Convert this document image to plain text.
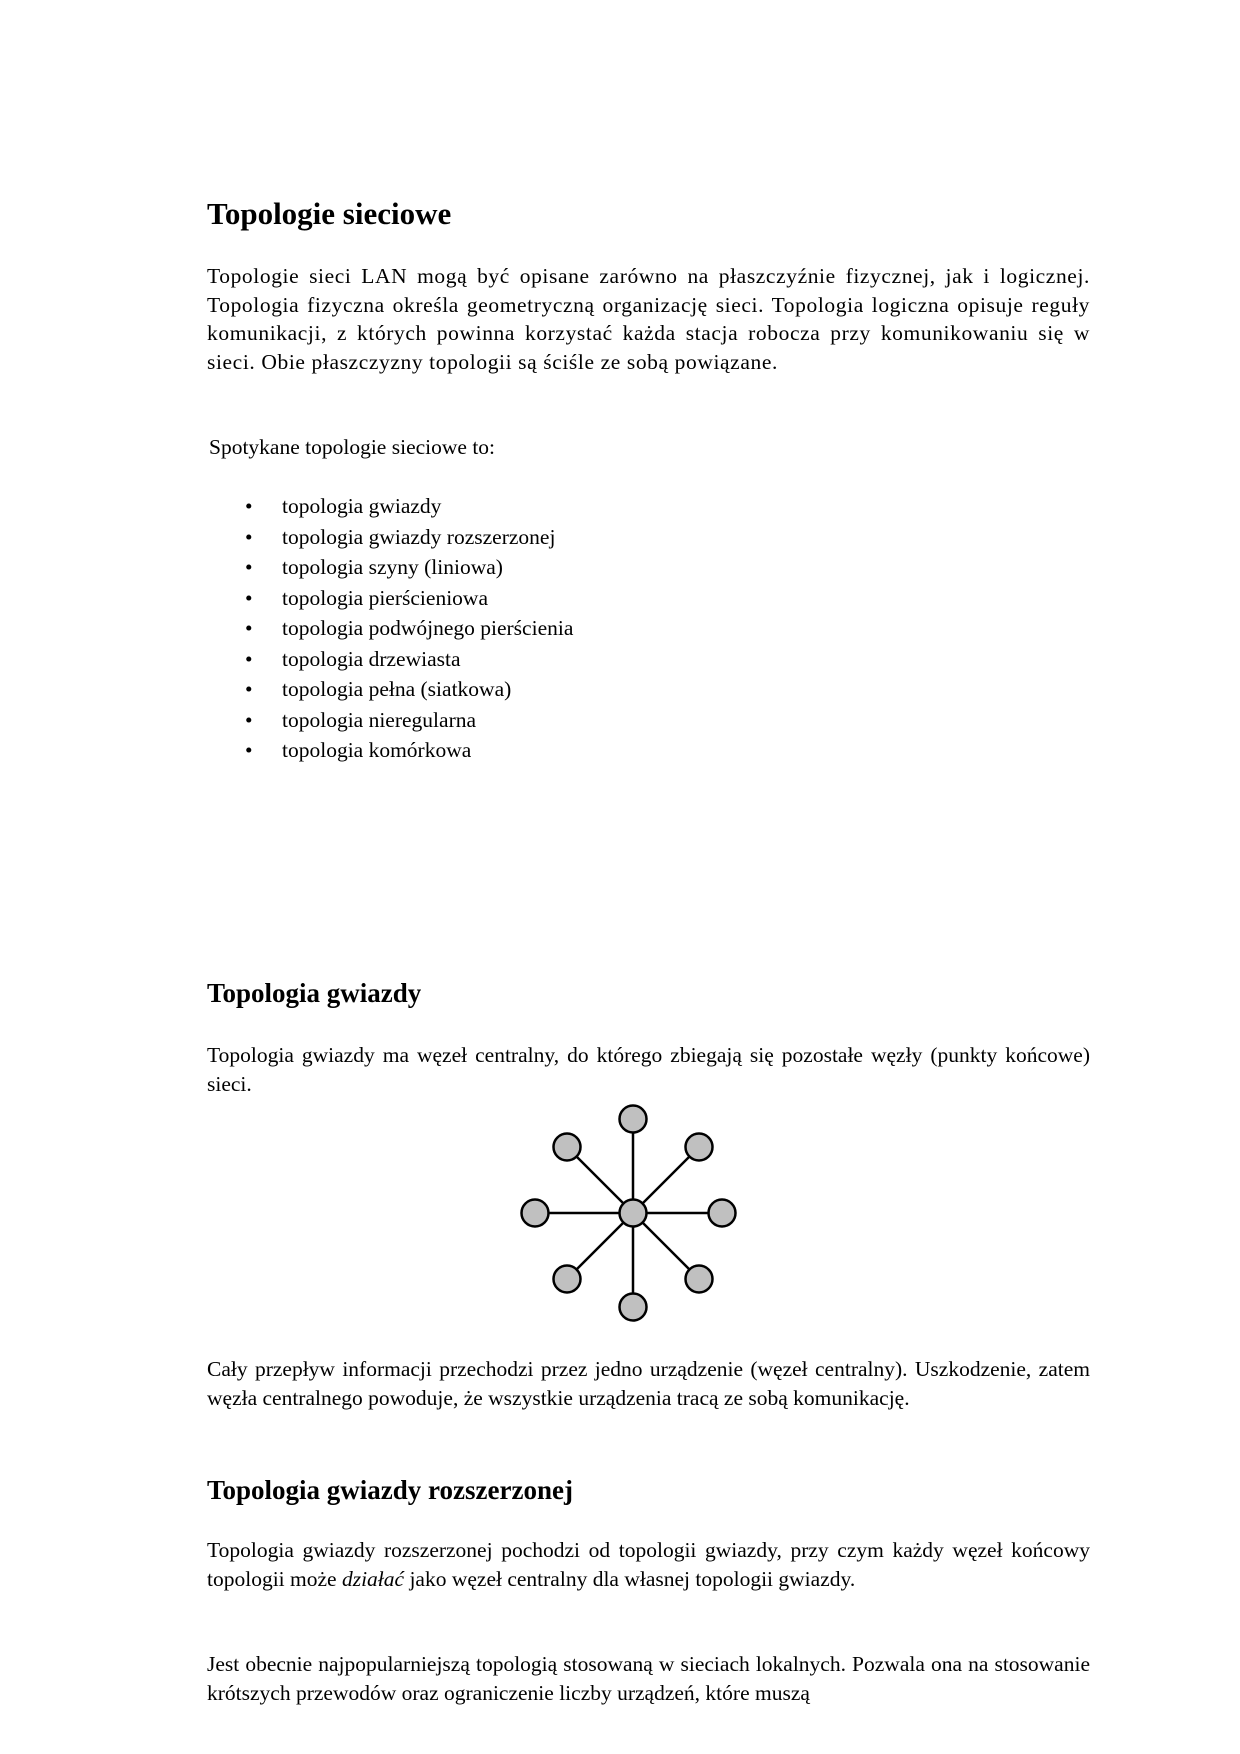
Topologie sieciowe

Topologie sieci LAN mogą być opisane zarówno na płaszczyźnie fizycznej, jak i logicznej. Topologia fizyczna określa geometryczną organizację sieci. Topologia logiczna opisuje reguły komunikacji, z których powinna korzystać każda stacja robocza przy komunikowaniu się w sieci. Obie płaszczyzny topologii są ściśle ze sobą powiązane.

Spotykane topologie sieciowe to:

• topologia gwiazdy
• topologia gwiazdy rozszerzonej
• topologia szyny (liniowa)
• topologia pierścieniowa
• topologia podwójnego pierścienia
• topologia drzewiasta
• topologia pełna (siatkowa)
• topologia nieregularna
• topologia komórkowa
Topologia gwiazdy

Topologia gwiazdy ma węzeł centralny, do którego zbiegają się pozostałe węzły (punkty końcowe) sieci.

Cały przepływ informacji przechodzi przez jedno urządzenie (węzeł centralny). Uszkodzenie, zatem węzła centralnego powoduje, że wszystkie urządzenia tracą ze sobą komunikację.

Topologia gwiazdy rozszerzonej

Topologia gwiazdy rozszerzonej pochodzi od topologii gwiazdy, przy czym każdy węzeł końcowy topologii może działać jako węzeł centralny dla własnej topologii gwiazdy.

Jest obecnie najpopularniejszą topologią stosowaną w sieciach lokalnych. Pozwala ona na stosowanie krótszych przewodów oraz ograniczenie liczby urządzeń, które muszą
